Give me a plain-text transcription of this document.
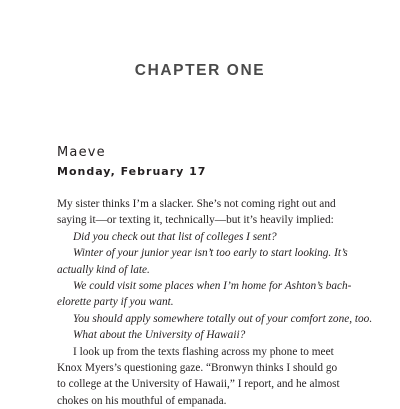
CHAPTER ONE
Maeve
Monday, February 17
My sister thinks I’m a slacker. She’s not coming right out and
saying it—or texting it, technically—but it’s heavily implied:
Did you check out that list of colleges I sent?
Winter of your junior year isn’t too early to start looking. It’s
actually kind of late.
We could visit some places when I’m home for Ashton’s bach-
elorette party if you want.
You should apply somewhere totally out of your comfort zone, too.
What about the University of Hawaii?
I look up from the texts flashing across my phone to meet
Knox Myers’s questioning gaze. “Bronwyn thinks I should go
to college at the University of Hawaii,” I report, and he almost
chokes on his mouthful of empanada.
